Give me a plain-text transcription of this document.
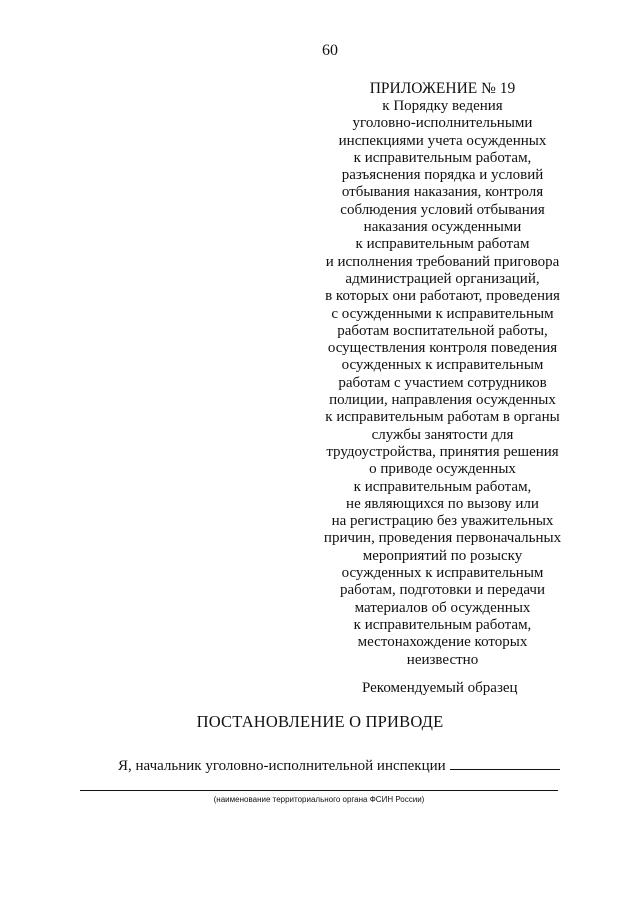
60
ПРИЛОЖЕНИЕ № 19
к Порядку ведения
уголовно-исполнительными
инспекциями учета осужденных
к исправительным работам,
разъяснения порядка и условий
отбывания наказания, контроля
соблюдения условий отбывания
наказания осужденными
к исправительным работам
и исполнения требований приговора
администрацией организаций,
в которых они работают, проведения
с осужденными к исправительным
работам воспитательной работы,
осуществления контроля поведения
осужденных к исправительным
работам с участием сотрудников
полиции, направления осужденных
к исправительным работам в органы
службы занятости для
трудоустройства, принятия решения
о приводе осужденных
к исправительным работам,
не являющихся по вызову или
на регистрацию без уважительных
причин, проведения первоначальных
мероприятий по розыску
осужденных к исправительным
работам, подготовки и передачи
материалов об осужденных
к исправительным работам,
местонахождение которых
неизвестно
Рекомендуемый образец
ПОСТАНОВЛЕНИЕ О ПРИВОДЕ
Я, начальник уголовно-исполнительной инспекции
(наименование территориального органа ФСИН России)
